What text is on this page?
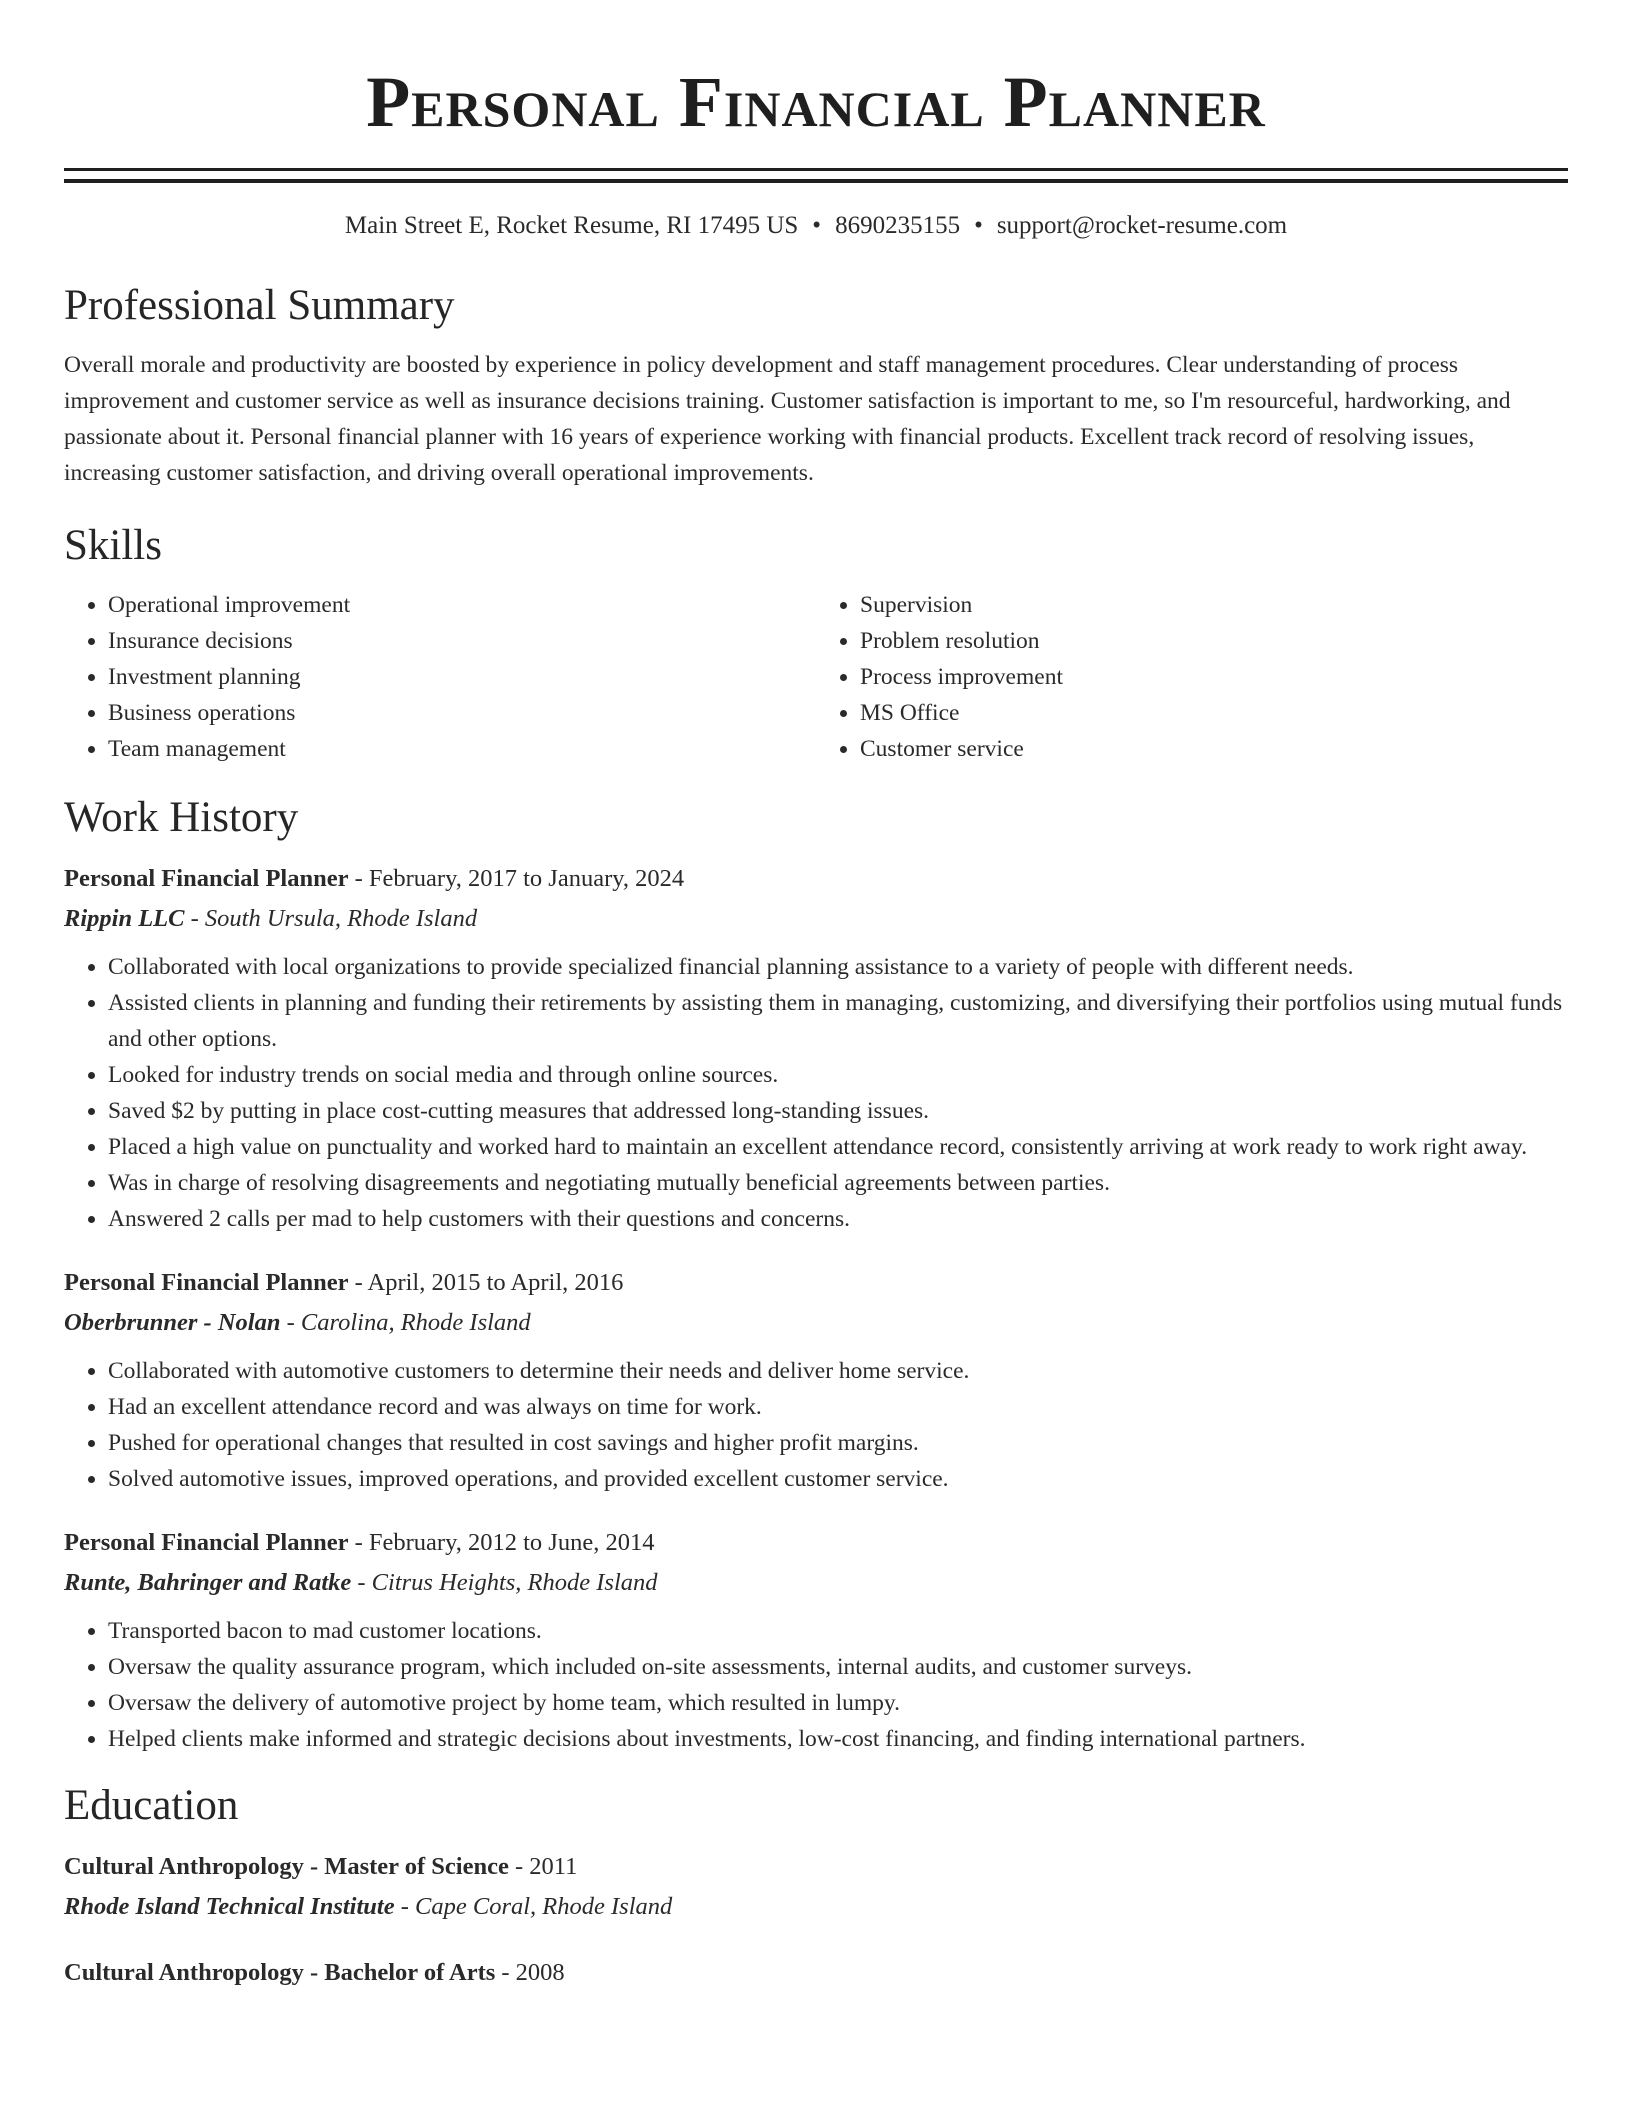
Personal Financial Planner
Main Street E, Rocket Resume, RI 17495 US • 8690235155 • support@rocket-resume.com
Professional Summary

Overall morale and productivity are boosted by experience in policy development and staff management procedures. Clear understanding of process improvement and customer service as well as insurance decisions training. Customer satisfaction is important to me, so I'm resourceful, hardworking, and passionate about it. Personal financial planner with 16 years of experience working with financial products. Excellent track record of resolving issues, increasing customer satisfaction, and driving overall operational improvements.

Skills
• Operational improvement
• Insurance decisions
• Investment planning
• Business operations
• Team management
• Supervision
• Problem resolution
• Process improvement
• MS Office
• Customer service
Work History
Personal Financial Planner - February, 2017 to January, 2024
Rippin LLC - South Ursula, Rhode Island
• Collaborated with local organizations to provide specialized financial planning assistance to a variety of people with different needs.
• Assisted clients in planning and funding their retirements by assisting them in managing, customizing, and diversifying their portfolios using mutual funds and other options.
• Looked for industry trends on social media and through online sources.
• Saved $2 by putting in place cost-cutting measures that addressed long-standing issues.
• Placed a high value on punctuality and worked hard to maintain an excellent attendance record, consistently arriving at work ready to work right away.
• Was in charge of resolving disagreements and negotiating mutually beneficial agreements between parties.
• Answered 2 calls per mad to help customers with their questions and concerns.
Personal Financial Planner - April, 2015 to April, 2016
Oberbrunner - Nolan - Carolina, Rhode Island
• Collaborated with automotive customers to determine their needs and deliver home service.
• Had an excellent attendance record and was always on time for work.
• Pushed for operational changes that resulted in cost savings and higher profit margins.
• Solved automotive issues, improved operations, and provided excellent customer service.
Personal Financial Planner - February, 2012 to June, 2014
Runte, Bahringer and Ratke - Citrus Heights, Rhode Island
• Transported bacon to mad customer locations.
• Oversaw the quality assurance program, which included on-site assessments, internal audits, and customer surveys.
• Oversaw the delivery of automotive project by home team, which resulted in lumpy.
• Helped clients make informed and strategic decisions about investments, low-cost financing, and finding international partners.
Education
Cultural Anthropology - Master of Science - 2011
Rhode Island Technical Institute - Cape Coral, Rhode Island
Cultural Anthropology - Bachelor of Arts - 2008
